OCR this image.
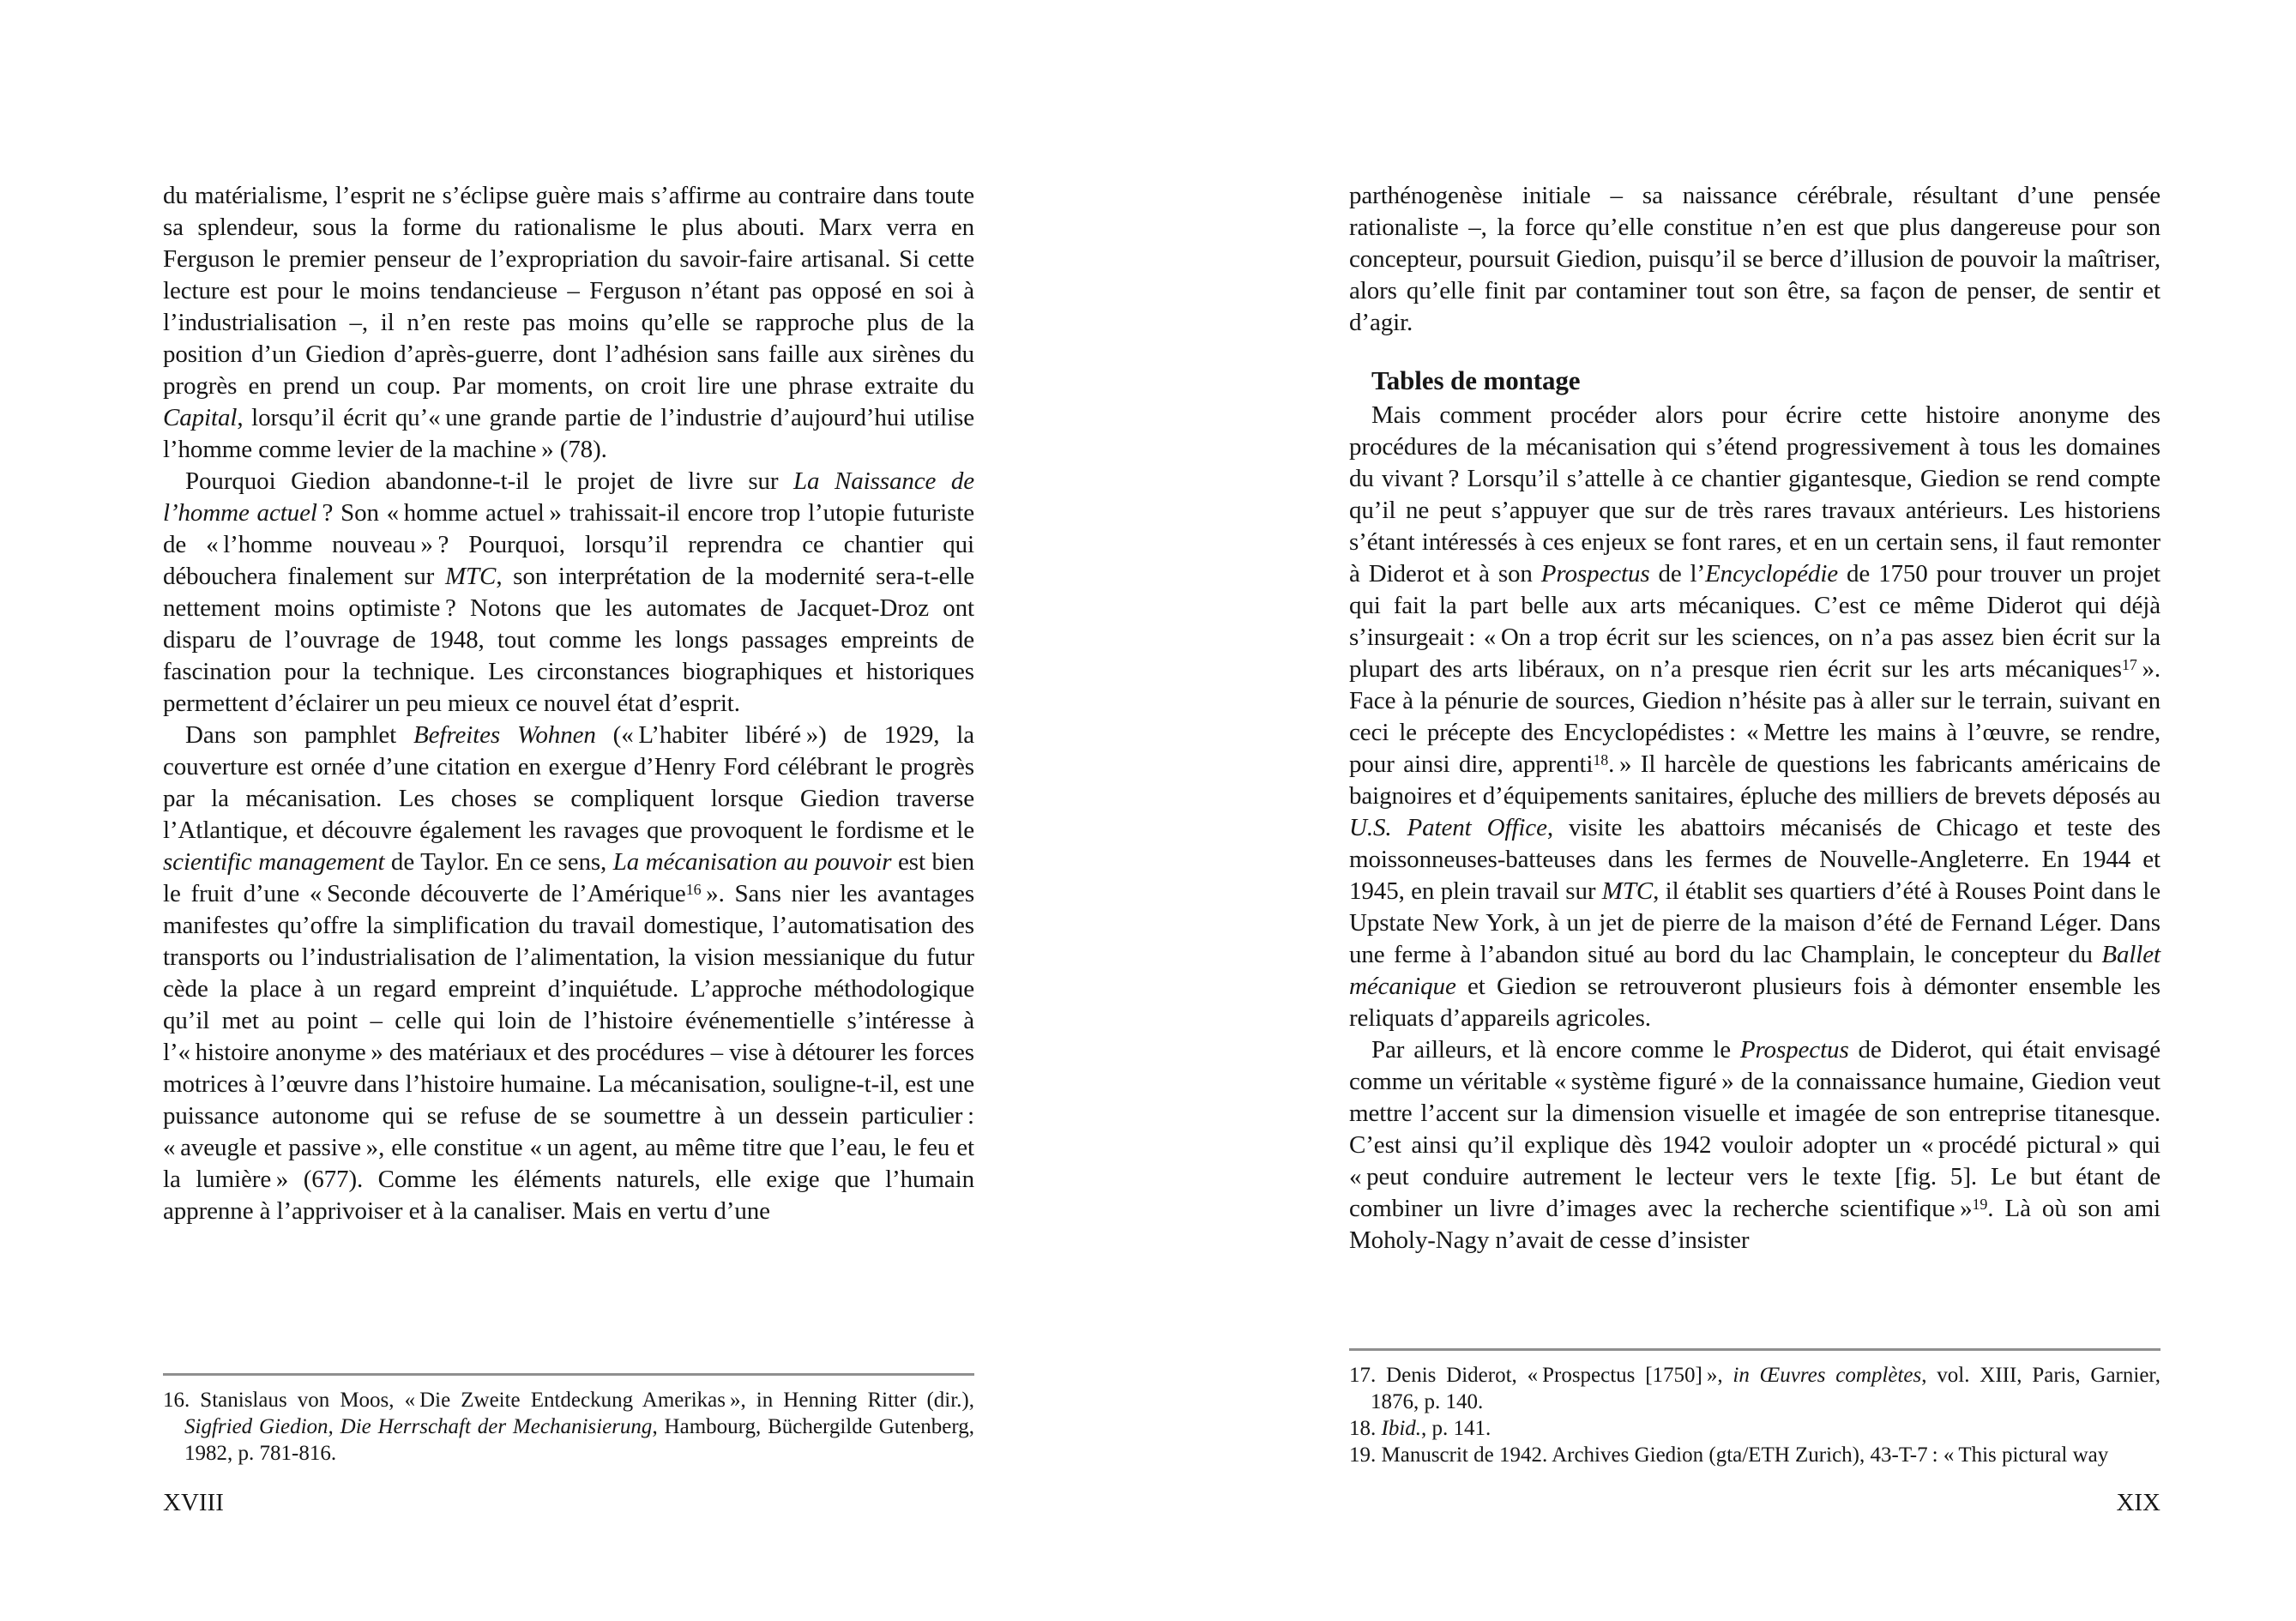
du matérialisme, l’esprit ne s’éclipse guère mais s’affirme au contraire dans toute sa splendeur, sous la forme du rationalisme le plus abouti. Marx verra en Ferguson le premier penseur de l’expropriation du savoir-faire artisanal. Si cette lecture est pour le moins tendancieuse – Ferguson n’étant pas opposé en soi à l’industrialisation –, il n’en reste pas moins qu’elle se rapproche plus de la position d’un Giedion d’après-guerre, dont l’adhésion sans faille aux sirènes du progrès en prend un coup. Par moments, on croit lire une phrase extraite du Capital, lorsqu’il écrit qu’« une grande partie de l’industrie d’aujourd’hui utilise l’homme comme levier de la machine » (78).

Pourquoi Giedion abandonne-t-il le projet de livre sur La Naissance de l’homme actuel ? Son « homme actuel » trahissait-il encore trop l’utopie futuriste de « l’homme nouveau » ? Pourquoi, lorsqu’il reprendra ce chantier qui débouchera finalement sur MTC, son interprétation de la modernité sera-t-elle nettement moins optimiste ? Notons que les automates de Jacquet-Droz ont disparu de l’ouvrage de 1948, tout comme les longs passages empreints de fascination pour la technique. Les circonstances biographiques et historiques permettent d’éclairer un peu mieux ce nouvel état d’esprit.

Dans son pamphlet Befreites Wohnen (« L’habiter libéré ») de 1929, la couverture est ornée d’une citation en exergue d’Henry Ford célébrant le progrès par la mécanisation. Les choses se compliquent lorsque Giedion traverse l’Atlantique, et découvre également les ravages que provoquent le fordisme et le scientific management de Taylor. En ce sens, La mécanisation au pouvoir est bien le fruit d’une « Seconde découverte de l’Amérique$^{16}$ ». Sans nier les avantages manifestes qu’offre la simplification du travail domestique, l’automatisation des transports ou l’industrialisation de l’alimentation, la vision messianique du futur cède la place à un regard empreint d’inquiétude. L’approche méthodologique qu’il met au point – celle qui loin de l’histoire événementielle s’intéresse à l’« histoire anonyme » des matériaux et des procédures – vise à détourer les forces motrices à l’œuvre dans l’histoire humaine. La mécanisation, souligne-t-il, est une puissance autonome qui se refuse de se soumettre à un dessein particulier : « aveugle et passive », elle constitue « un agent, au même titre que l’eau, le feu et la lumière » (677). Comme les éléments naturels, elle exige que l’humain apprenne à l’apprivoiser et à la canaliser. Mais en vertu d’une

16. Stanislaus von Moos, « Die Zweite Entdeckung Amerikas », in Henning Ritter (dir.), Sigfried Giedion, Die Herrschaft der Mechanisierung, Hambourg, Büchergilde Gutenberg, 1982, p. 781-816.

XVIII

parthénogenèse initiale – sa naissance cérébrale, résultant d’une pensée rationaliste –, la force qu’elle constitue n’en est que plus dangereuse pour son concepteur, poursuit Giedion, puisqu’il se berce d’illusion de pouvoir la maîtriser, alors qu’elle finit par contaminer tout son être, sa façon de penser, de sentir et d’agir.

Tables de montage

Mais comment procéder alors pour écrire cette histoire anonyme des procédures de la mécanisation qui s’étend progressivement à tous les domaines du vivant ? Lorsqu’il s’attelle à ce chantier gigantesque, Giedion se rend compte qu’il ne peut s’appuyer que sur de très rares travaux antérieurs. Les historiens s’étant intéressés à ces enjeux se font rares, et en un certain sens, il faut remonter à Diderot et à son Prospectus de l’Encyclopédie de 1750 pour trouver un projet qui fait la part belle aux arts mécaniques. C’est ce même Diderot qui déjà s’insurgeait : « On a trop écrit sur les sciences, on n’a pas assez bien écrit sur la plupart des arts libéraux, on n’a presque rien écrit sur les arts mécaniques$^{17}$ ». Face à la pénurie de sources, Giedion n’hésite pas à aller sur le terrain, suivant en ceci le précepte des Encyclopédistes : « Mettre les mains à l’œuvre, se rendre, pour ainsi dire, apprenti$^{18}$. » Il harcèle de questions les fabricants américains de baignoires et d’équipements sanitaires, épluche des milliers de brevets déposés au U.S. Patent Office, visite les abattoirs mécanisés de Chicago et teste des moissonneuses-batteuses dans les fermes de Nouvelle-Angleterre. En 1944 et 1945, en plein travail sur MTC, il établit ses quartiers d’été à Rouses Point dans le Upstate New York, à un jet de pierre de la maison d’été de Fernand Léger. Dans une ferme à l’abandon situé au bord du lac Champlain, le concepteur du Ballet mécanique et Giedion se retrouveront plusieurs fois à démonter ensemble les reliquats d’appareils agricoles.

Par ailleurs, et là encore comme le Prospectus de Diderot, qui était envisagé comme un véritable « système figuré » de la connaissance humaine, Giedion veut mettre l’accent sur la dimension visuelle et imagée de son entreprise titanesque. C’est ainsi qu’il explique dès 1942 vouloir adopter un « procédé pictural » qui « peut conduire autrement le lecteur vers le texte [fig. 5]. Le but étant de combiner un livre d’images avec la recherche scientifique »$^{19}$. Là où son ami Moholy-Nagy n’avait de cesse d’insister

17. Denis Diderot, « Prospectus [1750] », in Œuvres complètes, vol. XIII, Paris, Garnier, 1876, p. 140.

18. Ibid., p. 141.

19. Manuscrit de 1942. Archives Giedion (gta/ETH Zurich), 43-T-7 : « This pictural way

XIX
